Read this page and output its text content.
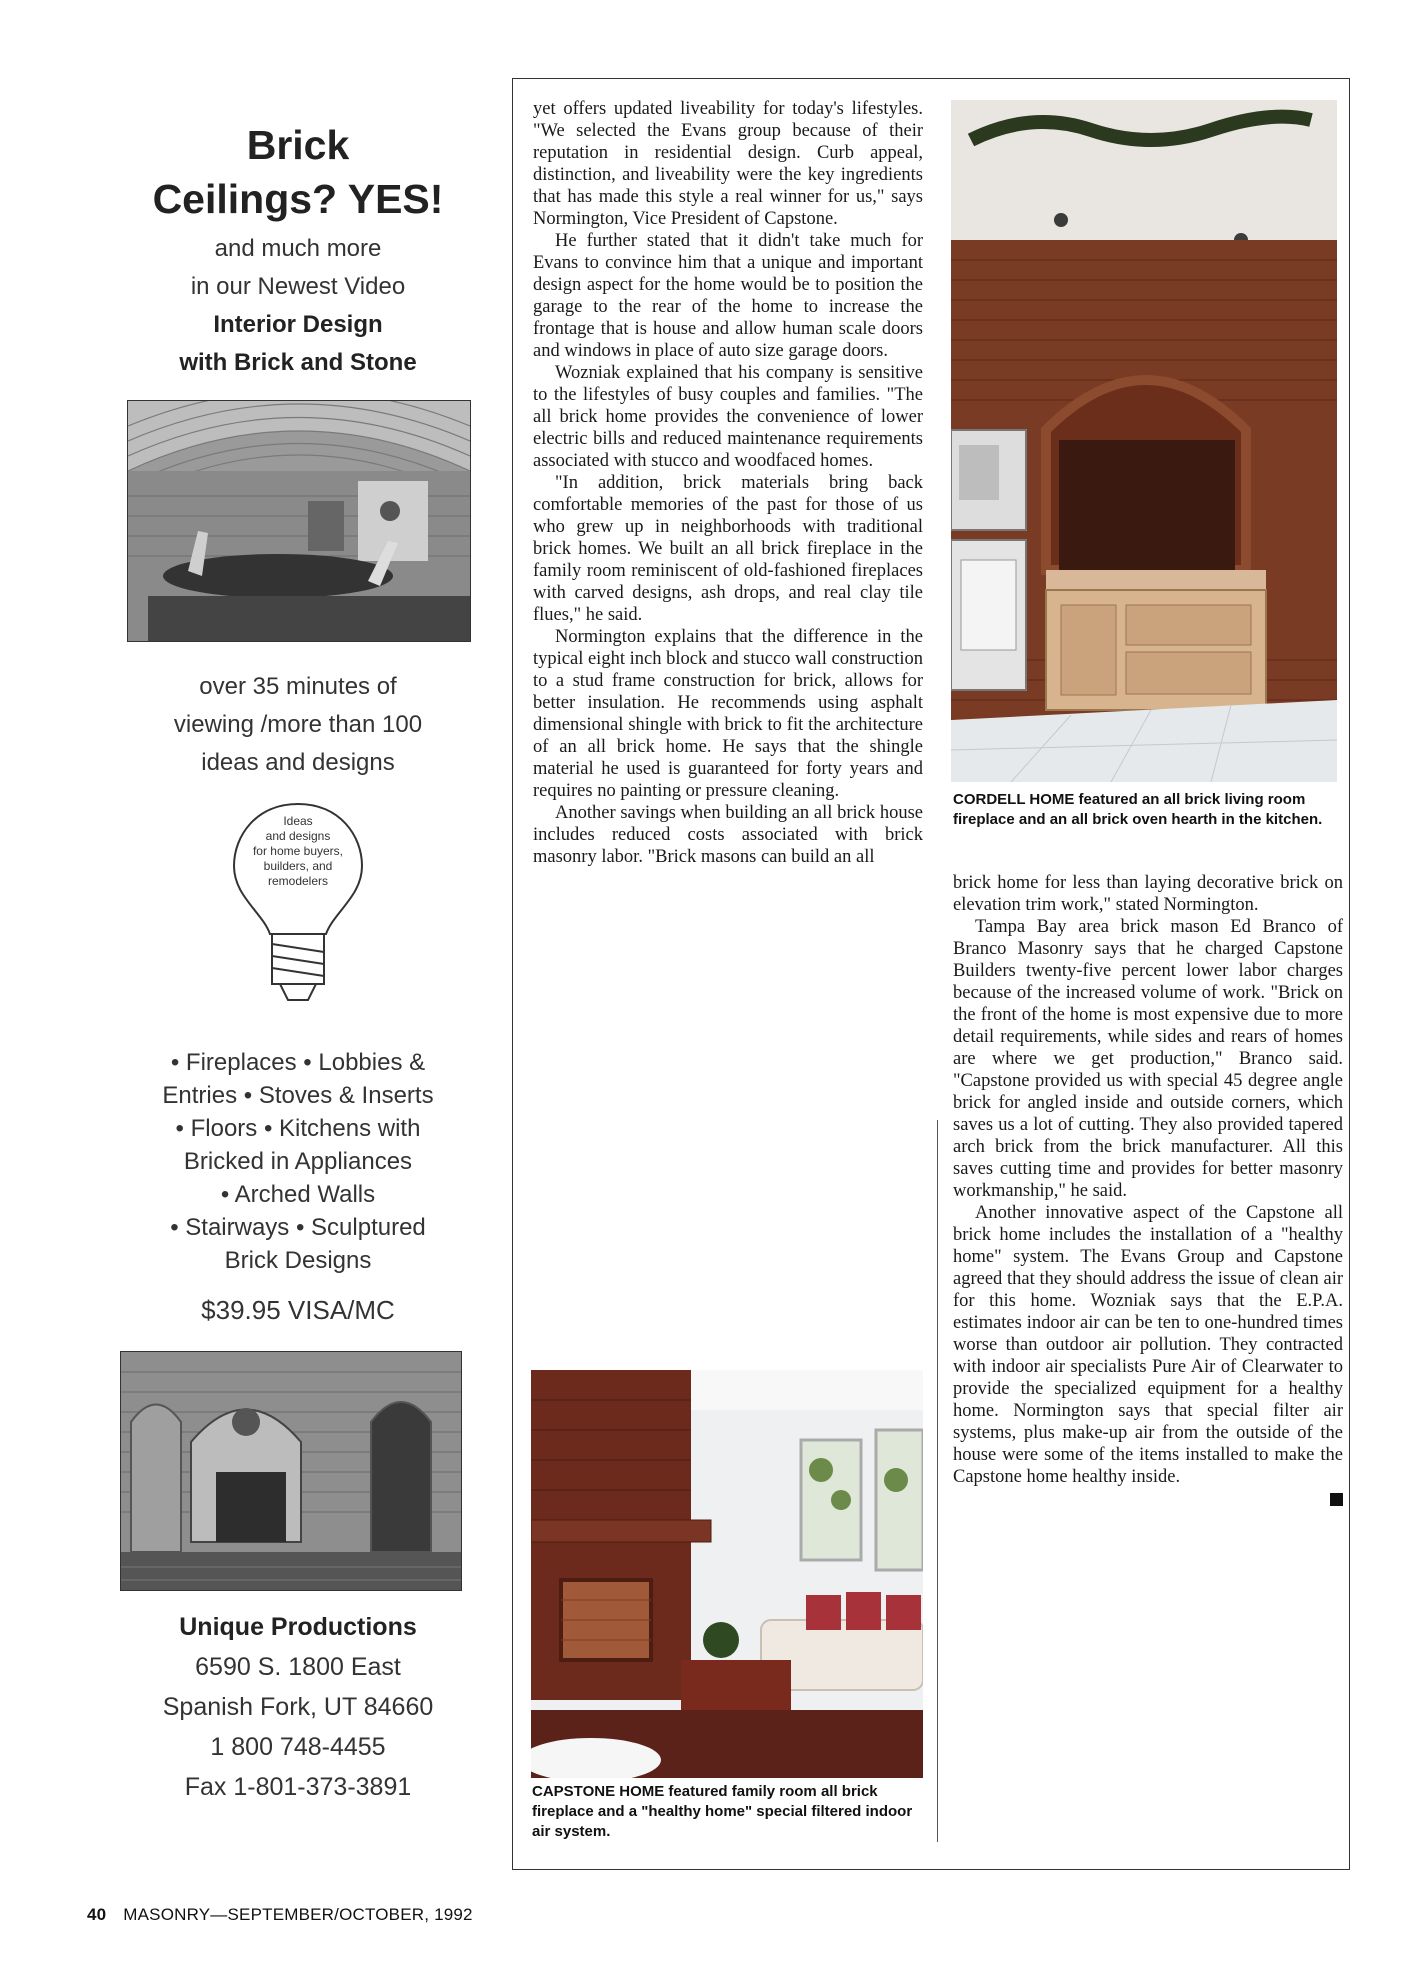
Brick
Ceilings? YES!
and much more
in our Newest Video
Interior Design
with Brick and Stone
over 35 minutes of
viewing /more than 100
ideas and designs
Ideas
and designs
for home buyers,
builders, and
remodelers
• Fireplaces • Lobbies &
Entries • Stoves & Inserts
• Floors • Kitchens with
Bricked in Appliances
• Arched Walls
• Stairways • Sculptured
Brick Designs
$39.95 VISA/MC
Unique Productions
6590 S. 1800 East
Spanish Fork, UT 84660
1 800 748-4455
Fax 1-801-373-3891

yet offers updated liveability for today's lifestyles. "We selected the Evans group because of their reputation in residential design. Curb appeal, distinction, and liveability were the key ingredients that has made this style a real winner for us," says Normington, Vice President of Capstone.

He further stated that it didn't take much for Evans to convince him that a unique and important design aspect for the home would be to position the garage to the rear of the home to increase the frontage that is house and allow human scale doors and windows in place of auto size garage doors.

Wozniak explained that his company is sensitive to the lifestyles of busy couples and families. "The all brick home provides the convenience of lower electric bills and reduced maintenance requirements associated with stucco and woodfaced homes.

"In addition, brick materials bring back comfortable memories of the past for those of us who grew up in neighborhoods with traditional brick homes. We built an all brick fireplace in the family room reminiscent of old-fashioned fireplaces with carved designs, ash drops, and real clay tile flues," he said.

Normington explains that the difference in the typical eight inch block and stucco wall construction to a stud frame construction for brick, allows for better insulation. He recommends using asphalt dimensional shingle with brick to fit the architecture of an all brick home. He says that the shingle material he used is guaranteed for forty years and requires no painting or pressure cleaning.

Another savings when building an all brick house includes reduced costs associated with brick masonry labor. "Brick masons can build an all

CORDELL HOME featured an all brick living room fireplace and an all brick oven hearth in the kitchen.

brick home for less than laying decorative brick on elevation trim work," stated Normington.

Tampa Bay area brick mason Ed Branco of Branco Masonry says that he charged Capstone Builders twenty-five percent lower labor charges because of the increased volume of work. "Brick on the front of the home is most expensive due to more detail requirements, while sides and rears of homes are where we get production," Branco said. "Capstone provided us with special 45 degree angle brick for angled inside and outside corners, which saves us a lot of cutting. They also provided tapered arch brick from the brick manufacturer. All this saves cutting time and provides for better masonry workmanship," he said.

Another innovative aspect of the Capstone all brick home includes the installation of a "healthy home" system. The Evans Group and Capstone agreed that they should address the issue of clean air for this home. Wozniak says that the E.P.A. estimates indoor air can be ten to one-hundred times worse than outdoor air pollution. They contracted with indoor air specialists Pure Air of Clearwater to provide the specialized equipment for a healthy home. Normington says that special filter air systems, plus make-up air from the outside of the house were some of the items installed to make the Capstone home healthy inside.

CAPSTONE HOME featured family room all brick fireplace and a "healthy home" special filtered indoor air system.
40 MASONRY—SEPTEMBER/OCTOBER, 1992
